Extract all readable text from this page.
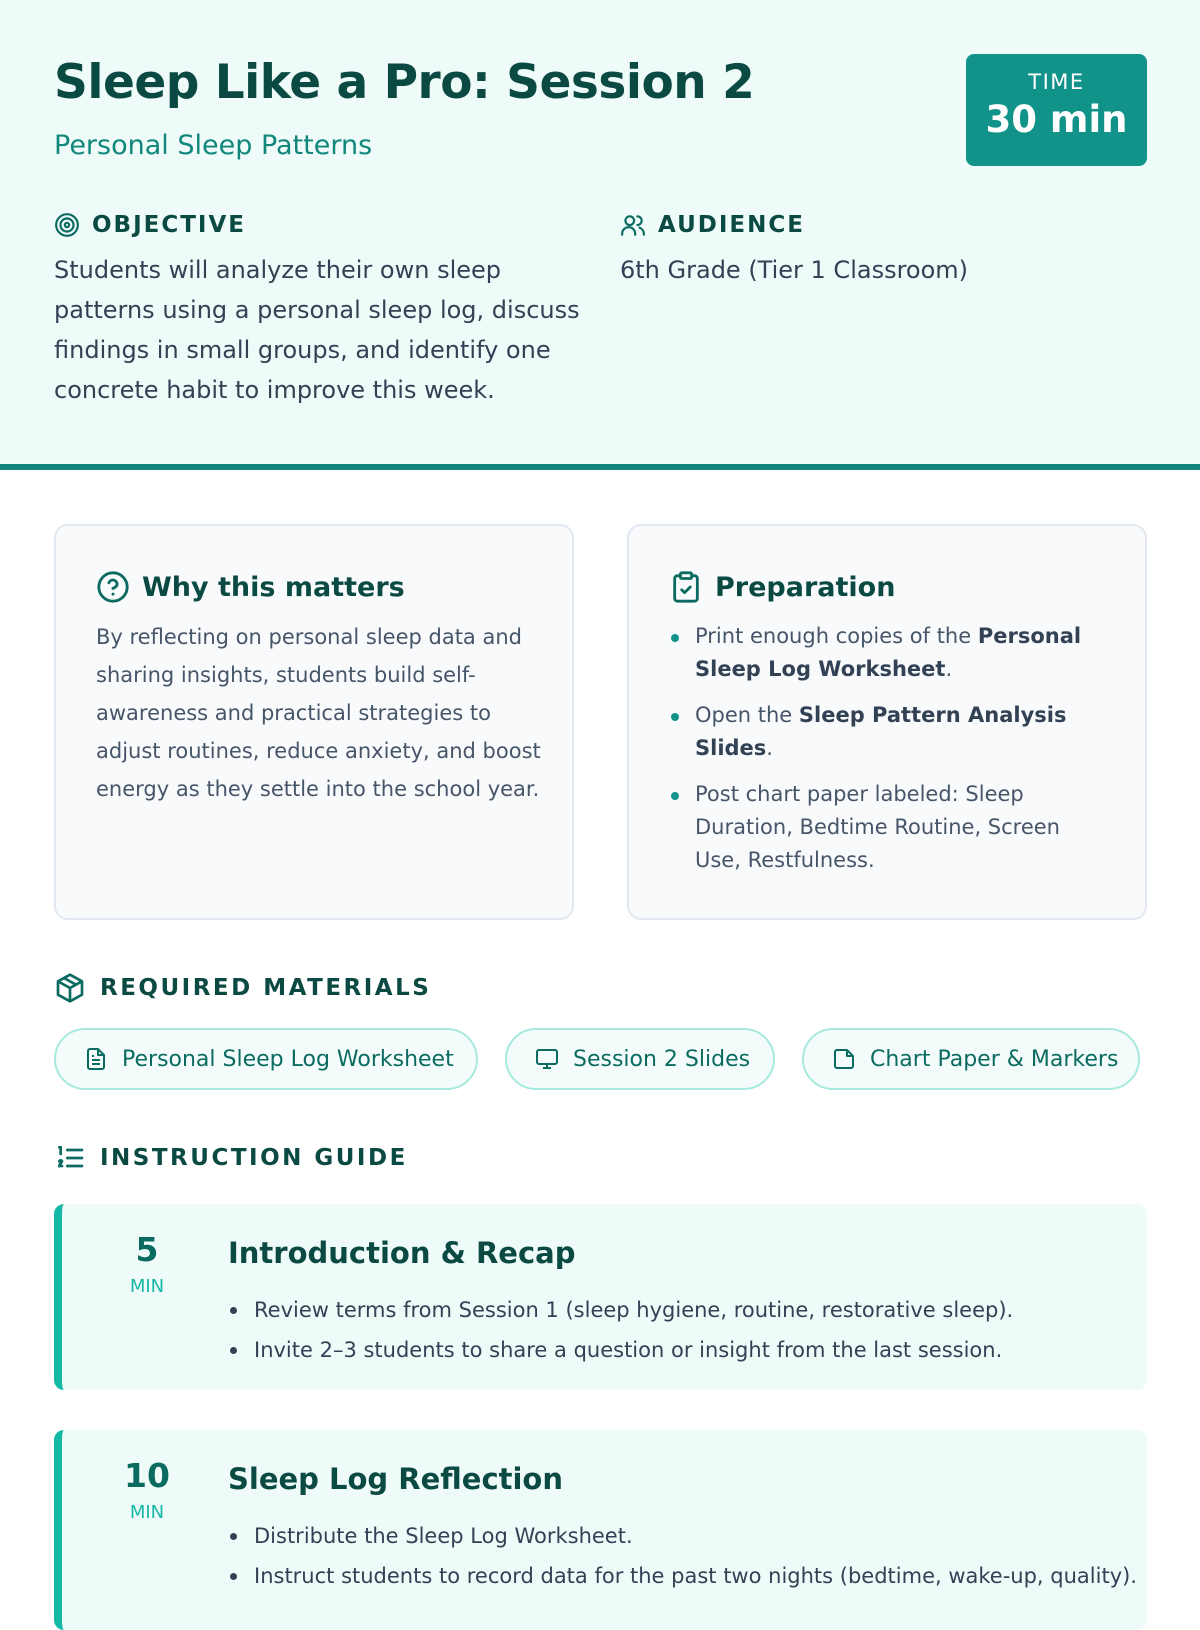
Sleep Like a Pro: Session 2
Personal Sleep Patterns
TIME
30 min
OBJECTIVE
Students will analyze their own sleep patterns using a personal sleep log, discuss findings in small groups, and identify one concrete habit to improve this week.
AUDIENCE
6th Grade (Tier 1 Classroom)
Why this matters
By reflecting on personal sleep data and sharing insights, students build self-awareness and practical strategies to adjust routines, reduce anxiety, and boost energy as they settle into the school year.
Preparation
Print enough copies of the Personal Sleep Log Worksheet.
Open the Sleep Pattern Analysis Slides.
Post chart paper labeled: Sleep Duration, Bedtime Routine, Screen Use, Restfulness.
REQUIRED MATERIALS
Personal Sleep Log Worksheet	Session 2 Slides	Chart Paper & Markers
INSTRUCTION GUIDE
5
MIN
Introduction & Recap
Review terms from Session 1 (sleep hygiene, routine, restorative sleep).
Invite 2–3 students to share a question or insight from the last session.
10
MIN
Sleep Log Reflection
Distribute the Sleep Log Worksheet.
Instruct students to record data for the past two nights (bedtime, wake-up, quality).
